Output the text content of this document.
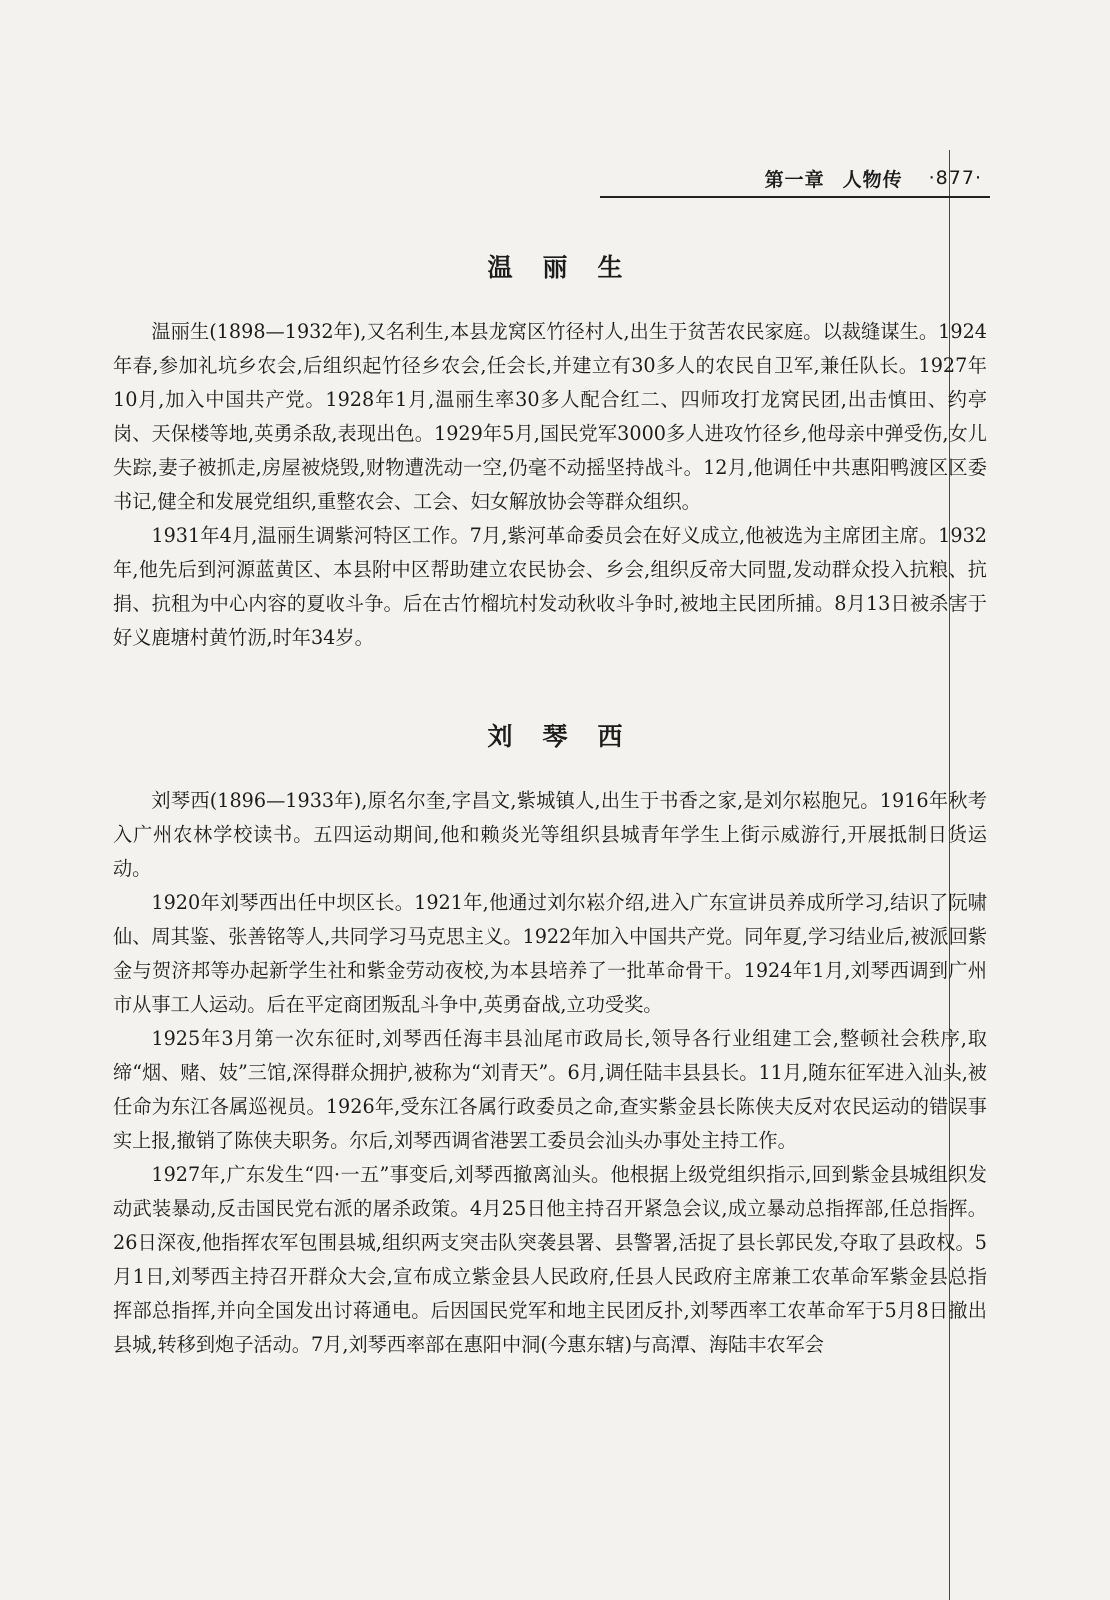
第一章 人物传 ·877·
温丽生

温丽生(1898—1932年),又名利生,本县龙窝区竹径村人,出生于贫苦农民家庭。以裁缝谋生。1924年春,参加礼坑乡农会,后组织起竹径乡农会,任会长,并建立有30多人的农民自卫军,兼任队长。1927年10月,加入中国共产党。1928年1月,温丽生率30多人配合红二、四师攻打龙窝民团,出击慎田、约亭岗、天保楼等地,英勇杀敌,表现出色。1929年5月,国民党军3000多人进攻竹径乡,他母亲中弹受伤,女儿失踪,妻子被抓走,房屋被烧毁,财物遭洗动一空,仍毫不动摇坚持战斗。12月,他调任中共惠阳鸭渡区区委书记,健全和发展党组织,重整农会、工会、妇女解放协会等群众组织。

1931年4月,温丽生调紫河特区工作。7月,紫河革命委员会在好义成立,他被选为主席团主席。1932年,他先后到河源蓝黄区、本县附中区帮助建立农民协会、乡会,组织反帝大同盟,发动群众投入抗粮、抗捐、抗租为中心内容的夏收斗争。后在古竹榴坑村发动秋收斗争时,被地主民团所捕。8月13日被杀害于好义鹿塘村黄竹沥,时年34岁。

刘琴西

刘琴西(1896—1933年),原名尔奎,字昌文,紫城镇人,出生于书香之家,是刘尔崧胞兄。1916年秋考入广州农林学校读书。五四运动期间,他和赖炎光等组织县城青年学生上街示威游行,开展抵制日货运动。

1920年刘琴西出任中坝区长。1921年,他通过刘尔崧介绍,进入广东宣讲员养成所学习,结识了阮啸仙、周其鉴、张善铭等人,共同学习马克思主义。1922年加入中国共产党。同年夏,学习结业后,被派回紫金与贺济邦等办起新学生社和紫金劳动夜校,为本县培养了一批革命骨干。1924年1月,刘琴西调到广州市从事工人运动。后在平定商团叛乱斗争中,英勇奋战,立功受奖。

1925年3月第一次东征时,刘琴西任海丰县汕尾市政局长,领导各行业组建工会,整顿社会秩序,取缔“烟、赌、妓”三馆,深得群众拥护,被称为“刘青天”。6月,调任陆丰县县长。11月,随东征军进入汕头,被任命为东江各属巡视员。1926年,受东江各属行政委员之命,查实紫金县长陈侠夫反对农民运动的错误事实上报,撤销了陈侠夫职务。尔后,刘琴西调省港罢工委员会汕头办事处主持工作。

1927年,广东发生“四·一五”事变后,刘琴西撤离汕头。他根据上级党组织指示,回到紫金县城组织发动武装暴动,反击国民党右派的屠杀政策。4月25日他主持召开紧急会议,成立暴动总指挥部,任总指挥。26日深夜,他指挥农军包围县城,组织两支突击队突袭县署、县警署,活捉了县长郭民发,夺取了县政权。5月1日,刘琴西主持召开群众大会,宣布成立紫金县人民政府,任县人民政府主席兼工农革命军紫金县总指挥部总指挥,并向全国发出讨蒋通电。后因国民党军和地主民团反扑,刘琴西率工农革命军于5月8日撤出县城,转移到炮子活动。7月,刘琴西率部在惠阳中洞(今惠东辖)与高潭、海陆丰农军会
